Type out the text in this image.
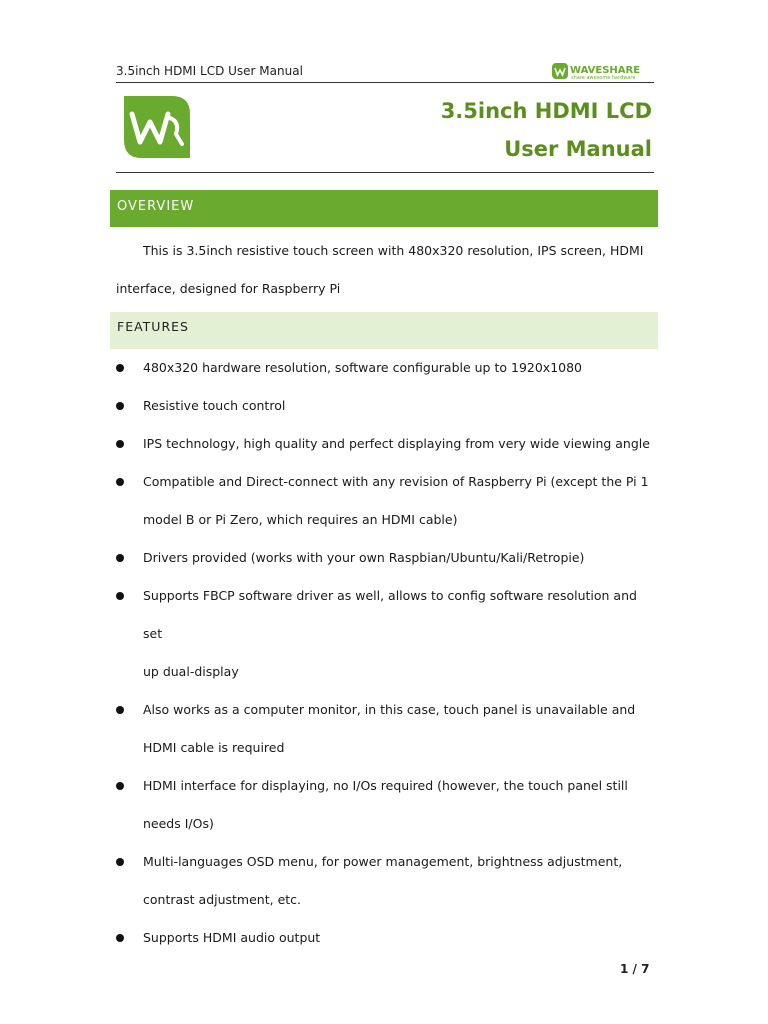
3.5inch HDMI LCD User Manual	WAVESHARE
share awesome hardware
3.5inch HDMI LCD
User Manual
OVERVIEW
This is 3.5inch resistive touch screen with 480x320 resolution, IPS screen, HDMI
interface, designed for Raspberry Pi
FEATURES
480x320 hardware resolution, software configurable up to 1920x1080
Resistive touch control
IPS technology, high quality and perfect displaying from very wide viewing angle
Compatible and Direct-connect with any revision of Raspberry Pi (except the Pi 1
model B or Pi Zero, which requires an HDMI cable)
Drivers provided (works with your own Raspbian/Ubuntu/Kali/Retropie)
Supports FBCP software driver as well, allows to config software resolution and set
up dual-display
Also works as a computer monitor, in this case, touch panel is unavailable and
HDMI cable is required
HDMI interface for displaying, no I/Os required (however, the touch panel still
needs I/Os)
Multi-languages OSD menu, for power management, brightness adjustment,
contrast adjustment, etc.
Supports HDMI audio output
1 / 7
